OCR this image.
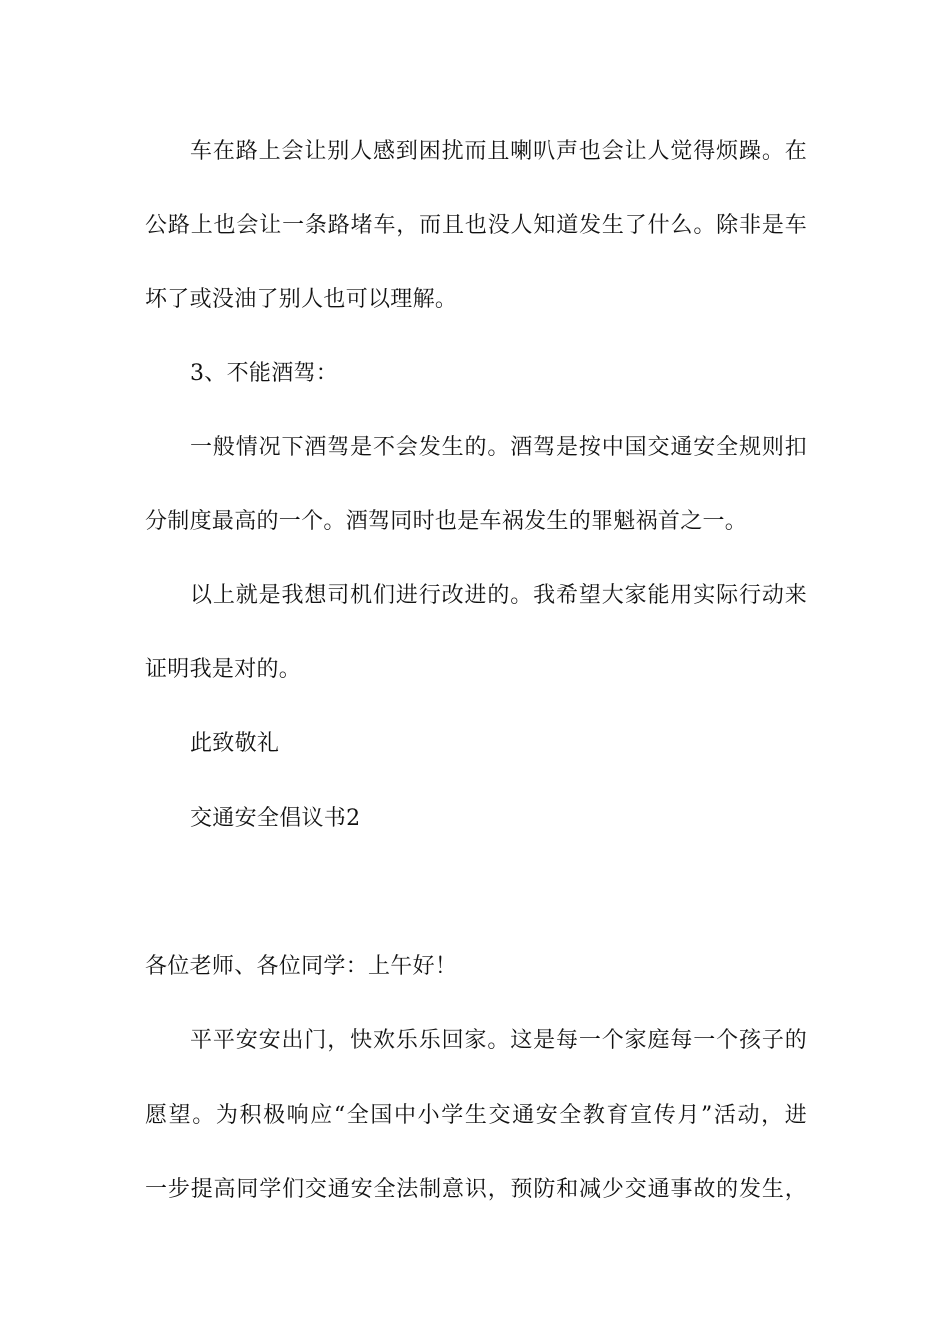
车在路上会让别人感到困扰而且喇叭声也会让人觉得烦躁。在
公路上也会让一条路堵车，而且也没人知道发生了什么。除非是车
坏了或没油了别人也可以理解。
3、不能酒驾：
一般情况下酒驾是不会发生的。酒驾是按中国交通安全规则扣
分制度最高的一个。酒驾同时也是车祸发生的罪魁祸首之一。
以上就是我想司机们进行改进的。我希望大家能用实际行动来
证明我是对的。
此致敬礼
交通安全倡议书2
各位老师、各位同学：上午好！
平平安安出门，快欢乐乐回家。这是每一个家庭每一个孩子的
愿望。为积极响应“全国中小学生交通安全教育宣传月”活动，进
一步提高同学们交通安全法制意识，预防和减少交通事故的发生，
